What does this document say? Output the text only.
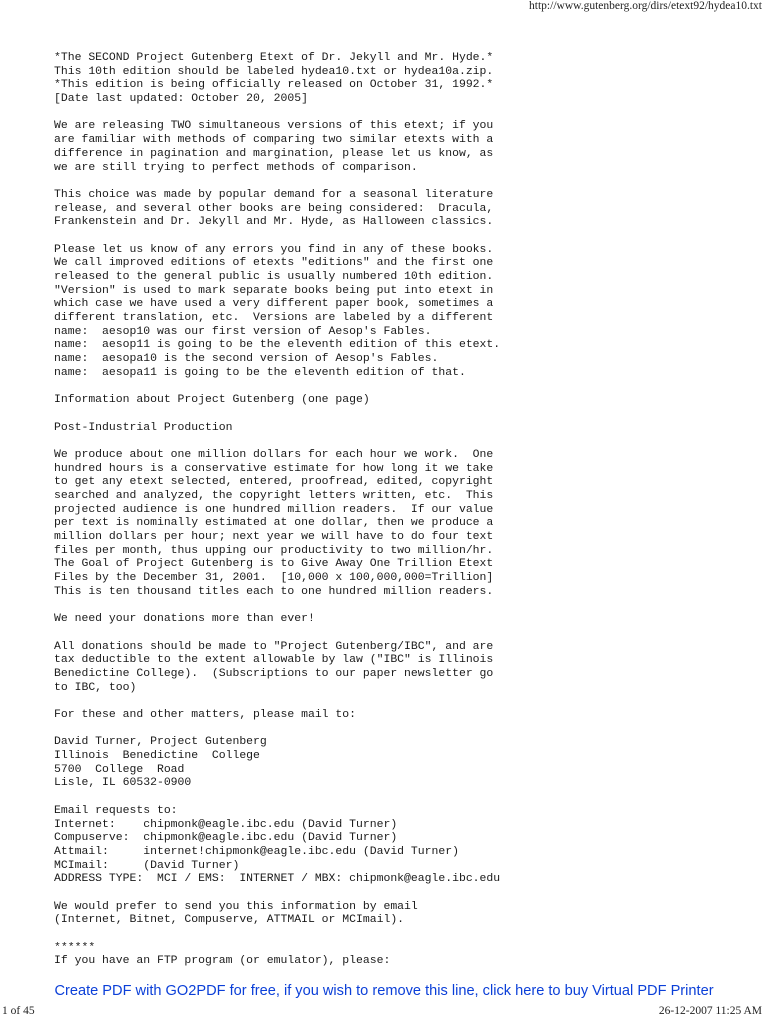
http://www.gutenberg.org/dirs/etext92/hydea10.txt
*The SECOND Project Gutenberg Etext of Dr. Jekyll and Mr. Hyde.*
This 10th edition should be labeled hydea10.txt or hydea10a.zip.
*This edition is being officially released on October 31, 1992.*
[Date last updated: October 20, 2005]
We are releasing TWO simultaneous versions of this etext; if you
are familiar with methods of comparing two similar etexts with a
difference in pagination and margination, please let us know, as
we are still trying to perfect methods of comparison.
This choice was made by popular demand for a seasonal literature
release, and several other books are being considered:  Dracula,
Frankenstein and Dr. Jekyll and Mr. Hyde, as Halloween classics.
Please let us know of any errors you find in any of these books.
We call improved editions of etexts "editions" and the first one
released to the general public is usually numbered 10th edition.
"Version" is used to mark separate books being put into etext in
which case we have used a very different paper book, sometimes a
different translation, etc.  Versions are labeled by a different
name:  aesop10 was our first version of Aesop's Fables.
name:  aesop11 is going to be the eleventh edition of this etext.
name:  aesopa10 is the second version of Aesop's Fables.
name:  aesopa11 is going to be the eleventh edition of that.
Information about Project Gutenberg (one page)
Post-Industrial Production
We produce about one million dollars for each hour we work.  One
hundred hours is a conservative estimate for how long it we take
to get any etext selected, entered, proofread, edited, copyright
searched and analyzed, the copyright letters written, etc.  This
projected audience is one hundred million readers.  If our value
per text is nominally estimated at one dollar, then we produce a
million dollars per hour; next year we will have to do four text
files per month, thus upping our productivity to two million/hr.
The Goal of Project Gutenberg is to Give Away One Trillion Etext
Files by the December 31, 2001.  [10,000 x 100,000,000=Trillion]
This is ten thousand titles each to one hundred million readers.
We need your donations more than ever!
All donations should be made to "Project Gutenberg/IBC", and are
tax deductible to the extent allowable by law ("IBC" is Illinois
Benedictine College).  (Subscriptions to our paper newsletter go
to IBC, too)
For these and other matters, please mail to:
David Turner, Project Gutenberg
Illinois  Benedictine  College
5700  College  Road
Lisle, IL 60532-0900
Email requests to:
Internet:    chipmonk@eagle.ibc.edu (David Turner)
Compuserve:  chipmonk@eagle.ibc.edu (David Turner)
Attmail:     internet!chipmonk@eagle.ibc.edu (David Turner)
MCImail:     (David Turner)
ADDRESS TYPE:  MCI / EMS:  INTERNET / MBX: chipmonk@eagle.ibc.edu
We would prefer to send you this information by email
(Internet, Bitnet, Compuserve, ATTMAIL or MCImail).
******
If you have an FTP program (or emulator), please:
Create PDF with GO2PDF for free, if you wish to remove this line, click here to buy Virtual PDF Printer
1 of 45	26-12-2007 11:25 AM
